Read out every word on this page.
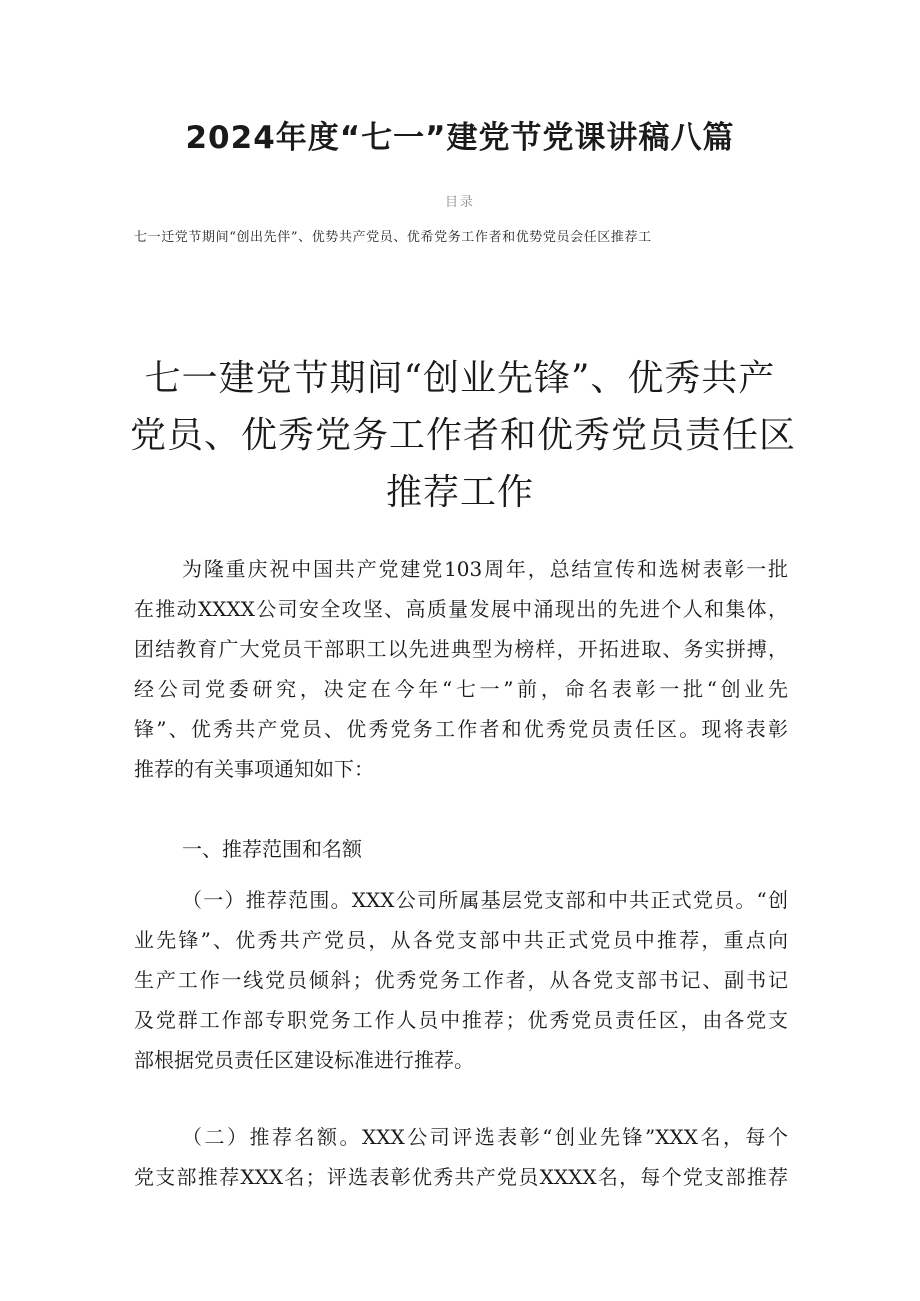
2024年度“七一”建党节党课讲稿八篇
目录
七一迁党节期间“创出先伴”、优势共产党员、优希党务工作者和优势党员会任区推荐工
七一建党节期间“创业先锋”、优秀共产
党员、优秀党务工作者和优秀党员责任区
推荐工作
为隆重庆祝中国共产党建党103周年，总结宣传和选树表彰一批
在推动XXXX公司安全攻坚、高质量发展中涌现出的先进个人和集体，
团结教育广大党员干部职工以先进典型为榜样，开拓进取、务实拼搏，
经公司党委研究，决定在今年“七一”前，命名表彰一批“创业先
锋”、优秀共产党员、优秀党务工作者和优秀党员责任区。现将表彰
推荐的有关事项通知如下：
一、推荐范围和名额
（一）推荐范围。XXX公司所属基层党支部和中共正式党员。“创
业先锋”、优秀共产党员，从各党支部中共正式党员中推荐，重点向
生产工作一线党员倾斜；优秀党务工作者，从各党支部书记、副书记
及党群工作部专职党务工作人员中推荐；优秀党员责任区，由各党支
部根据党员责任区建设标准进行推荐。
（二）推荐名额。XXX公司评选表彰“创业先锋”XXX名，每个
党支部推荐XXX名；评选表彰优秀共产党员XXXX名，每个党支部推荐
